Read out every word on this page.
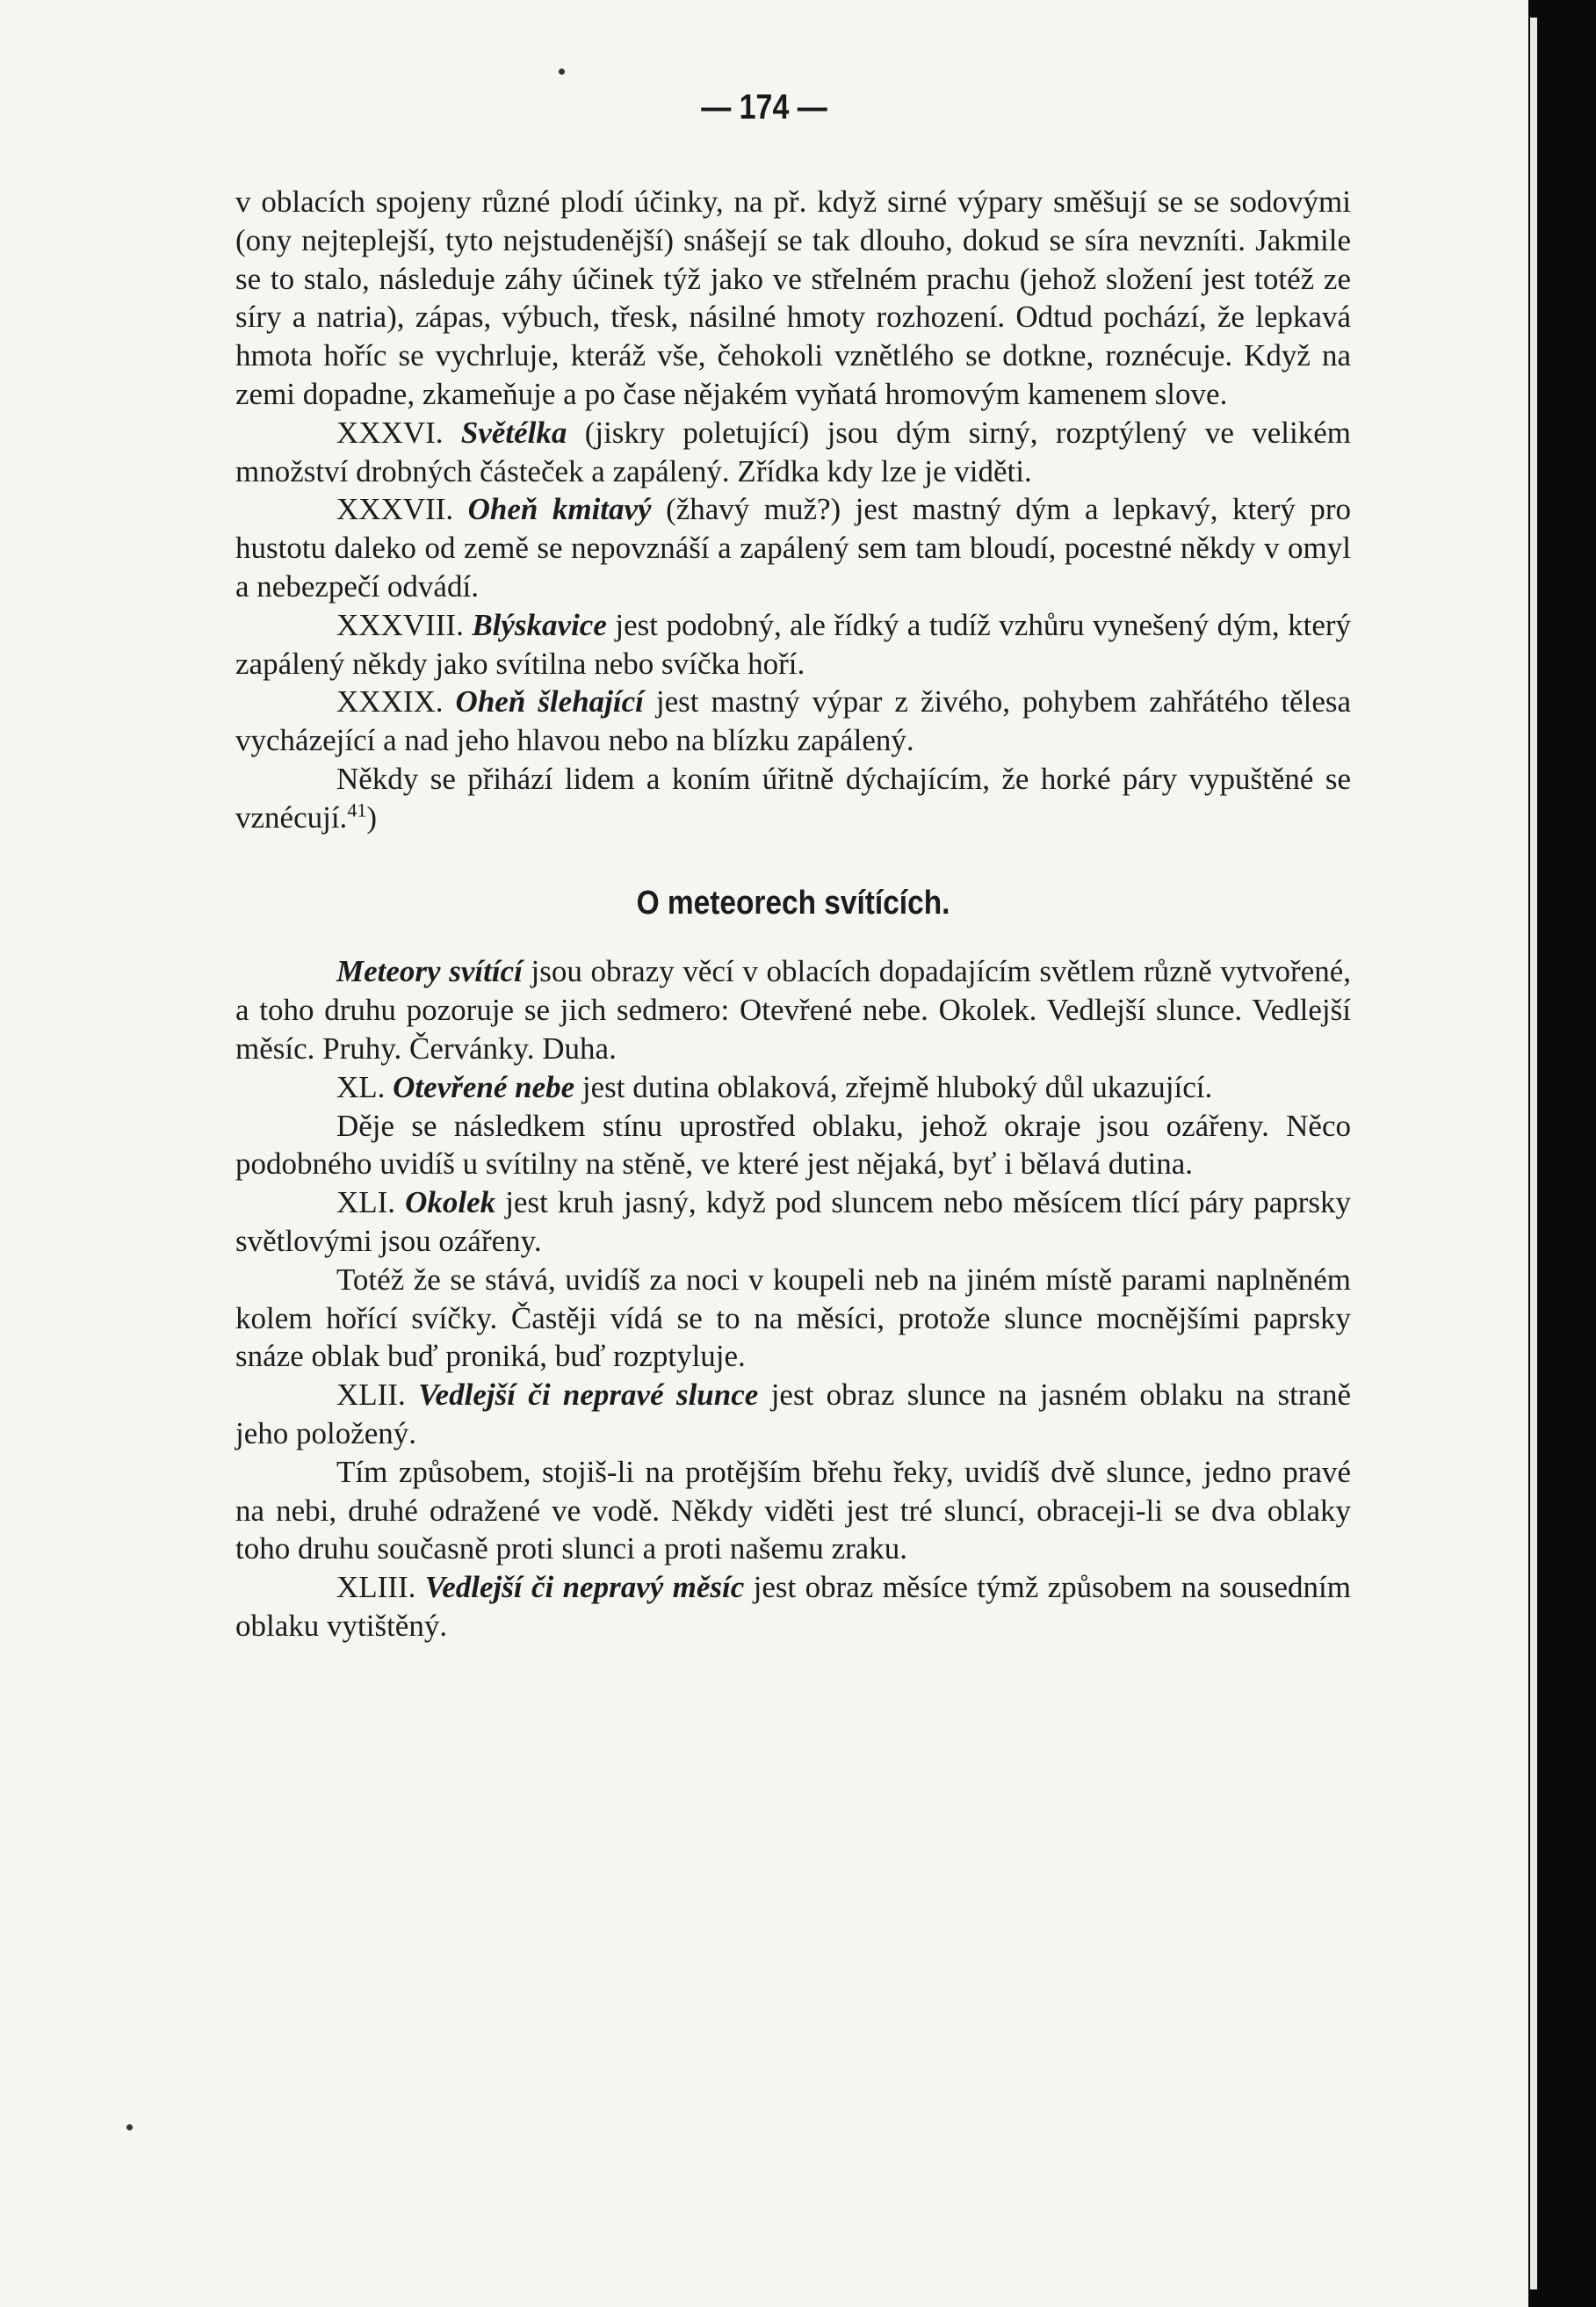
— 174 —

v oblacích spojeny různé plodí účinky, na př. když sirné výpary směšují se se sodovými (ony nejteplejší, tyto nejstudenější) snášejí se tak dlouho, dokud se síra nevzníti. Jakmile se to stalo, následuje záhy účinek týž jako ve střelném prachu (jehož složení jest totéž ze síry a natria), zápas, výbuch, třesk, násilné hmoty rozhození. Odtud pochází, že lepkavá hmota hoříc se vychrluje, kteráž vše, čehokoli vznětlého se dotkne, roznécuje. Když na zemi dopadne, zkameňuje a po čase nějakém vyňatá hromovým kamenem slove.

XXXVI. Světélka (jiskry poletující) jsou dým sirný, rozptýlený ve velikém množství drobných částeček a zapálený. Zřídka kdy lze je viděti.

XXXVII. Oheň kmitavý (žhavý muž?) jest mastný dým a lepkavý, který pro hustotu daleko od země se nepovznáší a zapálený sem tam bloudí, pocestné někdy v omyl a nebezpečí odvádí.

XXXVIII. Blýskavice jest podobný, ale řídký a tudíž vzhůru vynešený dým, který zapálený někdy jako svítilna nebo svíčka hoří.

XXXIX. Oheň šlehající jest mastný výpar z živého, pohybem zahřátého tělesa vycházející a nad jeho hlavou nebo na blízku zapálený.

Někdy se přihází lidem a koním úřitně dýchajícím, že horké páry vypuštěné se vznécují.$^{41}$)

O meteorech svítících.

Meteory svítící jsou obrazy věcí v oblacích dopadajícím světlem různě vytvořené, a toho druhu pozoruje se jich sedmero: Otevřené nebe. Okolek. Vedlejší slunce. Vedlejší měsíc. Pruhy. Červánky. Duha.

XL. Otevřené nebe jest dutina oblaková, zřejmě hluboký důl ukazující.

Děje se následkem stínu uprostřed oblaku, jehož okraje jsou ozářeny. Něco podobného uvidíš u svítilny na stěně, ve které jest nějaká, byť i bělavá dutina.

XLI. Okolek jest kruh jasný, když pod sluncem nebo měsícem tlící páry paprsky světlovými jsou ozářeny.

Totéž že se stává, uvidíš za noci v koupeli neb na jiném místě parami naplněném kolem hořící svíčky. Častěji vídá se to na měsíci, protože slunce mocnějšími paprsky snáze oblak buď proniká, buď rozptyluje.

XLII. Vedlejší či nepravé slunce jest obraz slunce na jasném oblaku na straně jeho položený.

Tím způsobem, stojiš-li na protějším břehu řeky, uvidíš dvě slunce, jedno pravé na nebi, druhé odražené ve vodě. Někdy viděti jest tré sluncí, obraceji-li se dva oblaky toho druhu současně proti slunci a proti našemu zraku.

XLIII. Vedlejší či nepravý měsíc jest obraz měsíce týmž způsobem na sousedním oblaku vytištěný.
